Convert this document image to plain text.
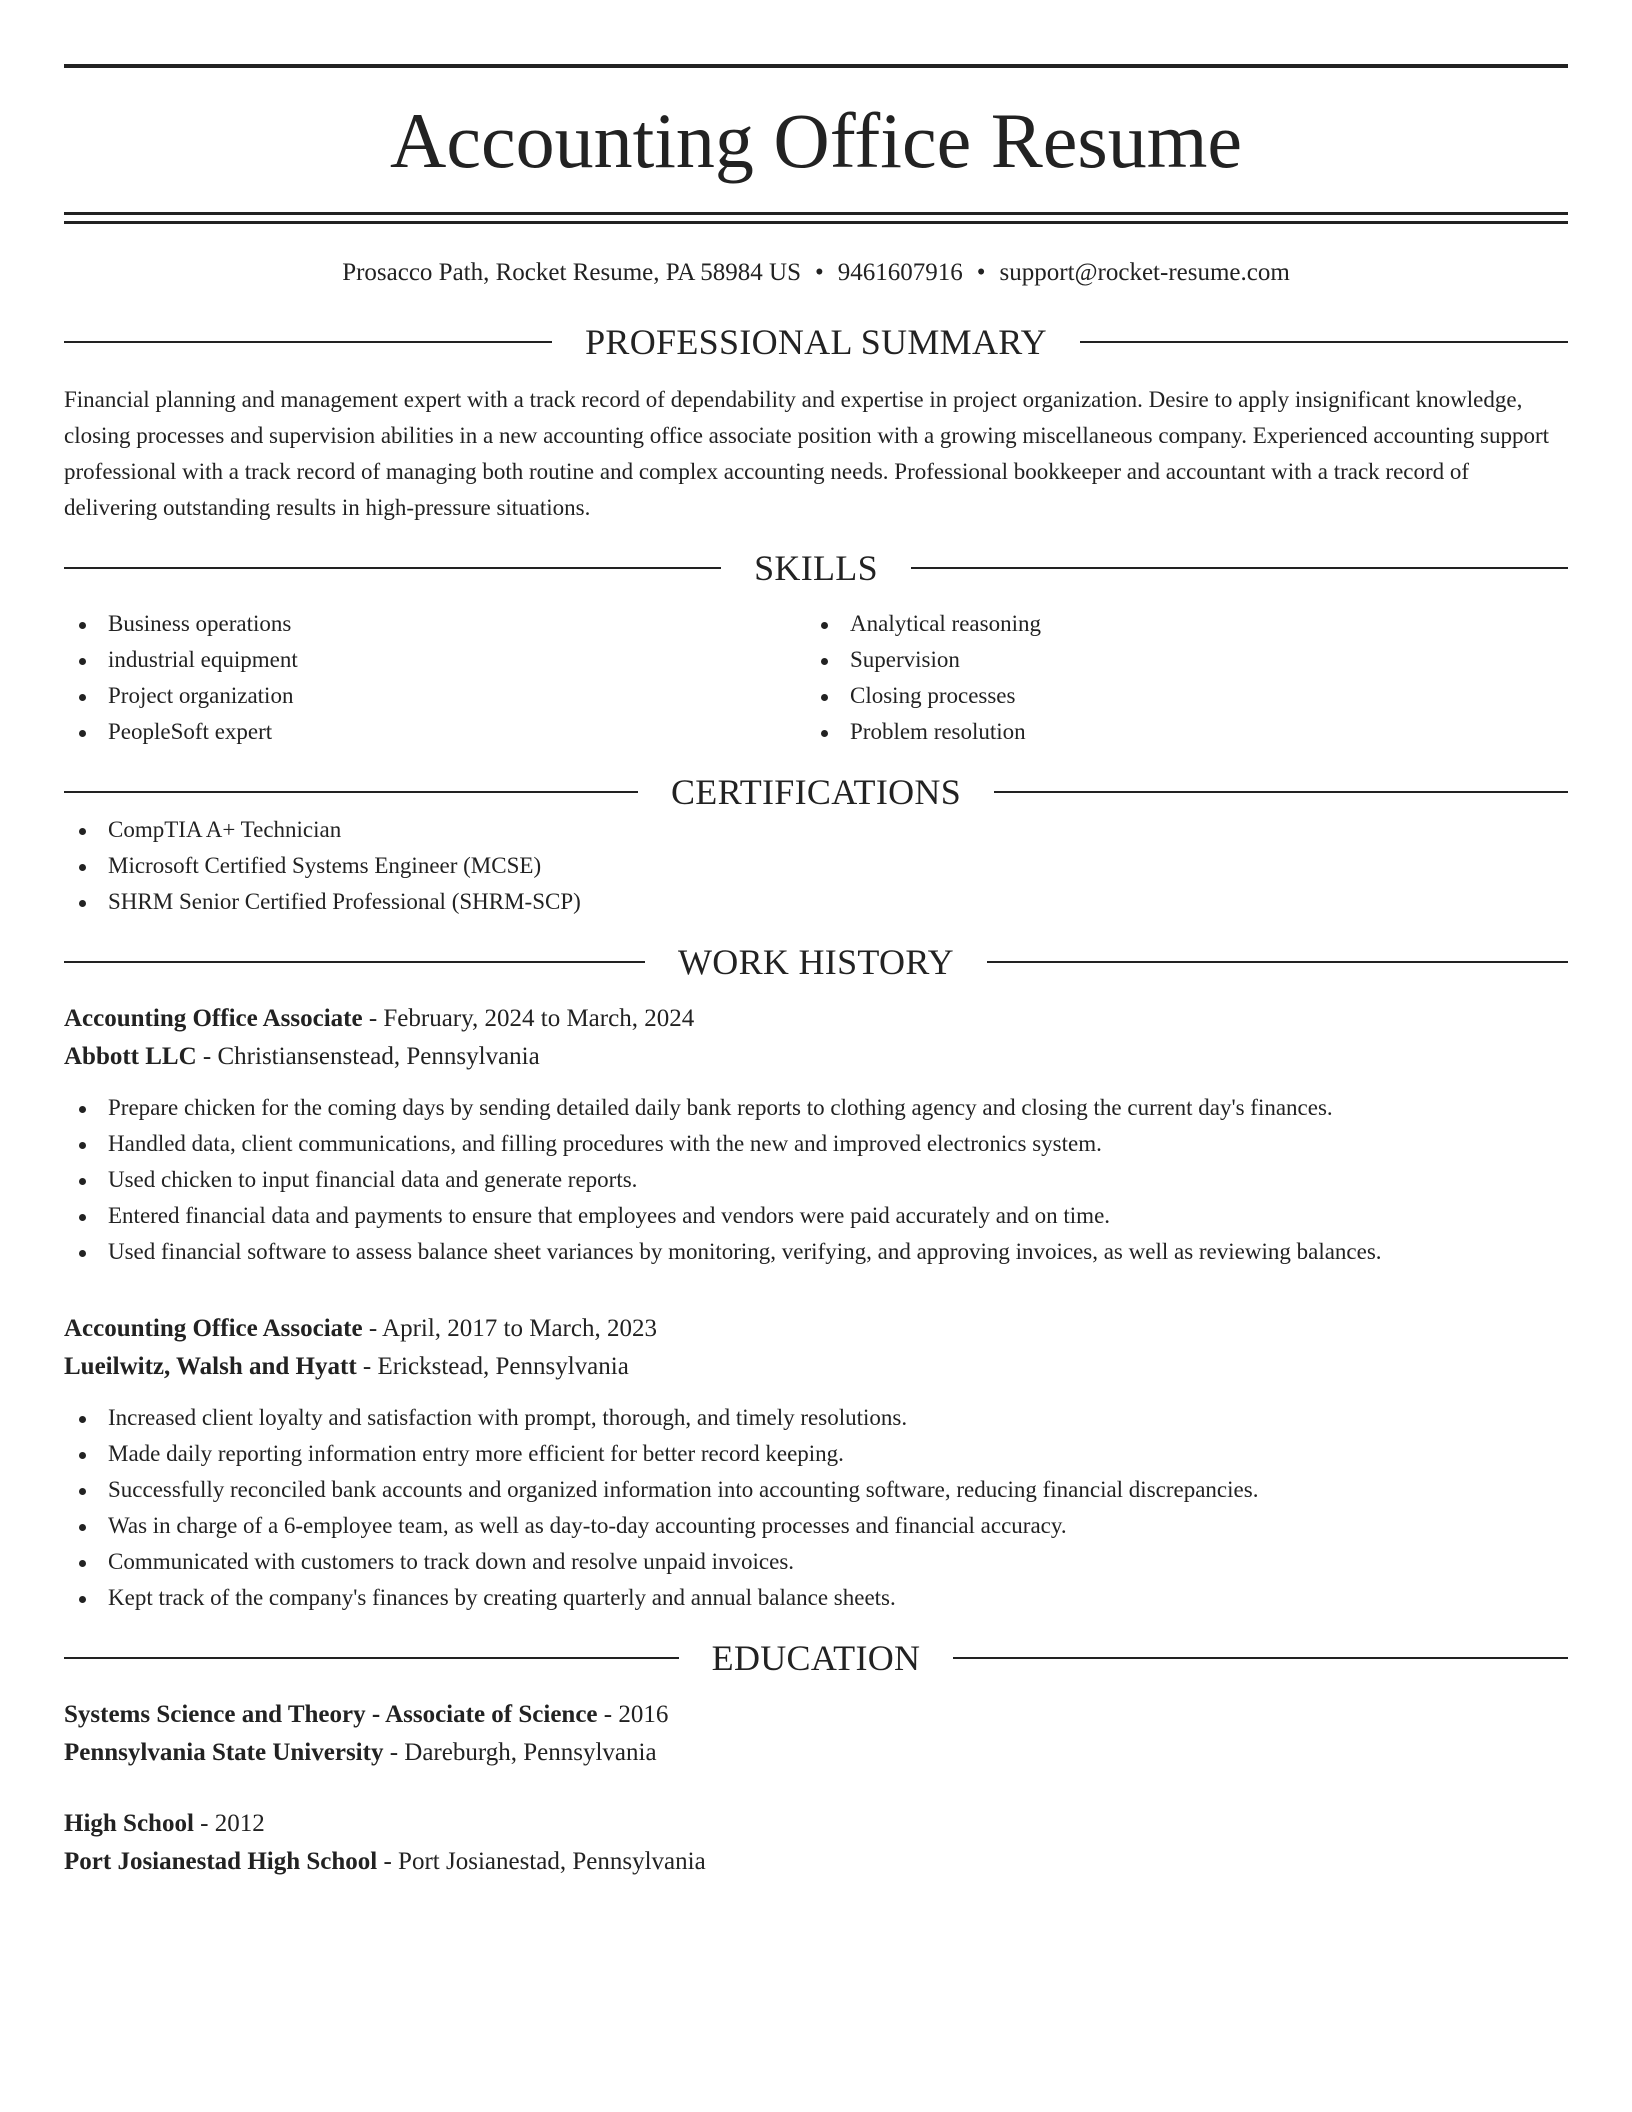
Accounting Office Resume
Prosacco Path, Rocket Resume, PA 58984 US • 9461607916 • support@rocket-resume.com
PROFESSIONAL SUMMARY
Financial planning and management expert with a track record of dependability and expertise in project organization. Desire to apply insignificant knowledge, closing processes and supervision abilities in a new accounting office associate position with a growing miscellaneous company. Experienced accounting support professional with a track record of managing both routine and complex accounting needs. Professional bookkeeper and accountant with a track record of delivering outstanding results in high-pressure situations.
SKILLS
Business operations
industrial equipment
Project organization
PeopleSoft expert
Analytical reasoning
Supervision
Closing processes
Problem resolution
CERTIFICATIONS
CompTIA A+ Technician
Microsoft Certified Systems Engineer (MCSE)
SHRM Senior Certified Professional (SHRM-SCP)
WORK HISTORY
Accounting Office Associate - February, 2024 to March, 2024
Abbott LLC - Christiansenstead, Pennsylvania
Prepare chicken for the coming days by sending detailed daily bank reports to clothing agency and closing the current day's finances.
Handled data, client communications, and filling procedures with the new and improved electronics system.
Used chicken to input financial data and generate reports.
Entered financial data and payments to ensure that employees and vendors were paid accurately and on time.
Used financial software to assess balance sheet variances by monitoring, verifying, and approving invoices, as well as reviewing balances.
Accounting Office Associate - April, 2017 to March, 2023
Lueilwitz, Walsh and Hyatt - Erickstead, Pennsylvania
Increased client loyalty and satisfaction with prompt, thorough, and timely resolutions.
Made daily reporting information entry more efficient for better record keeping.
Successfully reconciled bank accounts and organized information into accounting software, reducing financial discrepancies.
Was in charge of a 6-employee team, as well as day-to-day accounting processes and financial accuracy.
Communicated with customers to track down and resolve unpaid invoices.
Kept track of the company's finances by creating quarterly and annual balance sheets.
EDUCATION
Systems Science and Theory - Associate of Science - 2016
Pennsylvania State University - Dareburgh, Pennsylvania
High School - 2012
Port Josianestad High School - Port Josianestad, Pennsylvania
